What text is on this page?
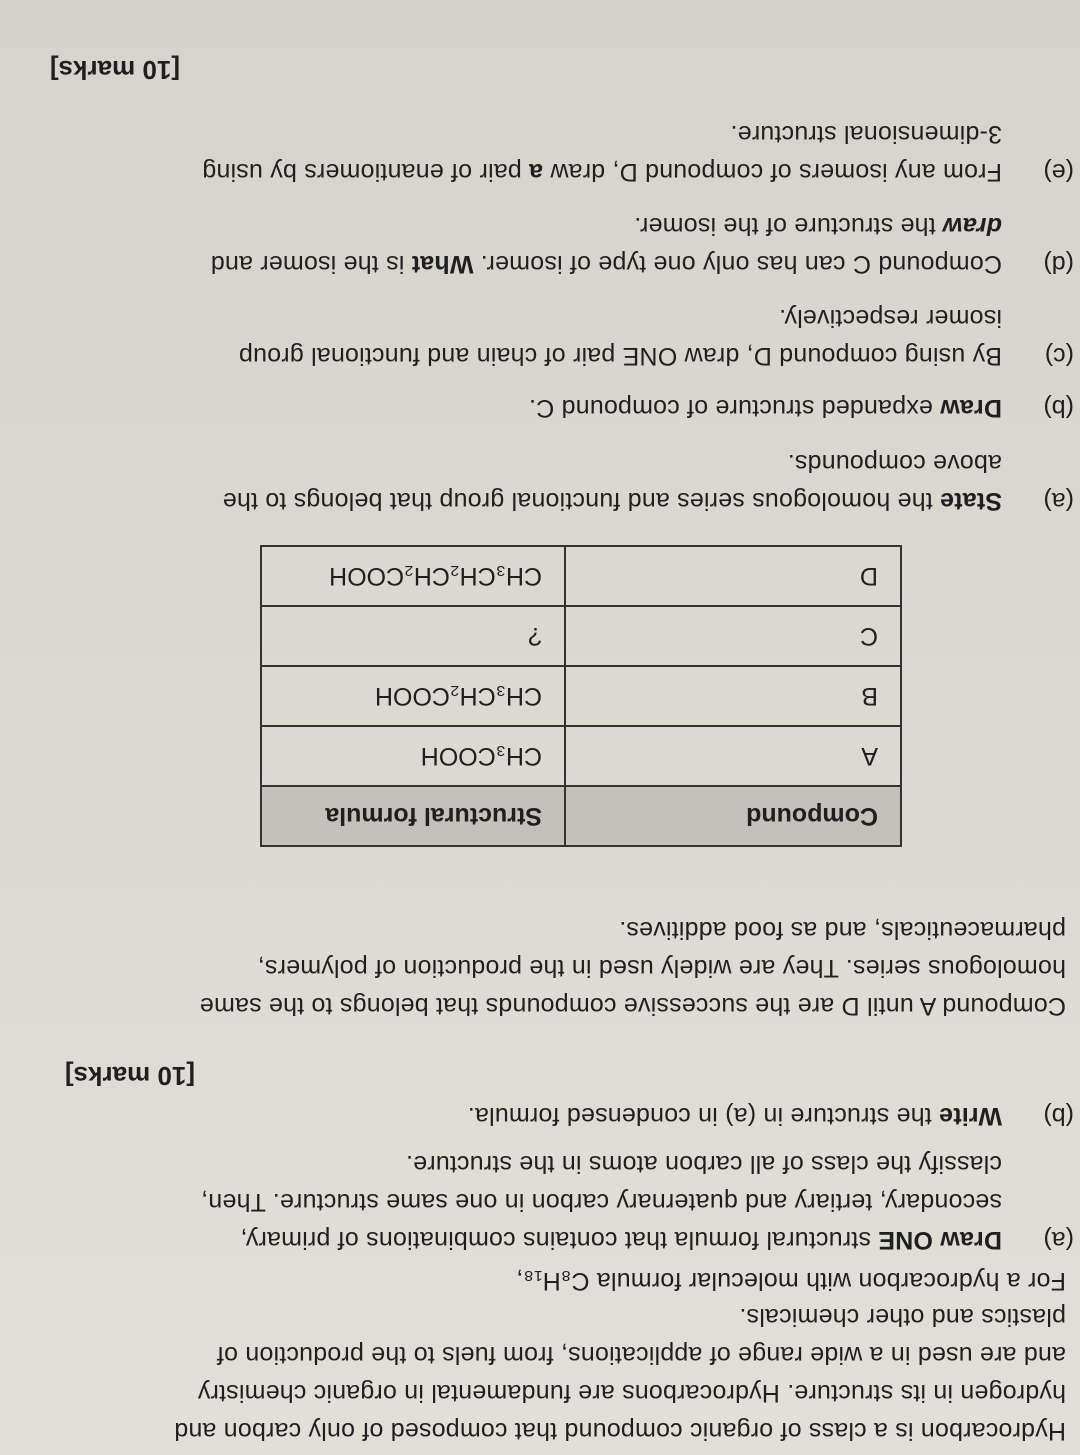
Hydrocarbon is a class of organic compound that composed of only carbon and
hydrogen in its structure. Hydrocarbons are fundamental in organic chemistry
and are used in a wide range of applications, from fuels to the production of
plastics and other chemicals.
For a hydrocarbon with molecular formula C₈H₁₈,
(a)
Draw ONE structural formula that contains combinations of primary,
secondary, tertiary and quaternary carbon in one same structure. Then,
classify the class of all carbon atoms in the structure.
(b)
Write the structure in (a) in condensed formula.
[10 marks]
Compound A until D are the successive compounds that belongs to the same
homologous series. They are widely used in the production of polymers,
pharmaceuticals, and as food additives.
Compound	Structural formula
A	CH₃COOH
B	CH₃CH₂COOH
C	?
D	CH₃CH₂CH₂COOH
(a)
State the homologous series and functional group that belongs to the
above compounds.
(b)
Draw expanded structure of compound C.
(c)
By using compound D, draw ONE pair of chain and functional group
isomer respectively.
(d)
Compound C can has only one type of isomer. What is the isomer and
draw the structure of the isomer.
(e)
From any isomers of compound D, draw a pair of enantiomers by using
3-dimensional structure.
[10 marks]
